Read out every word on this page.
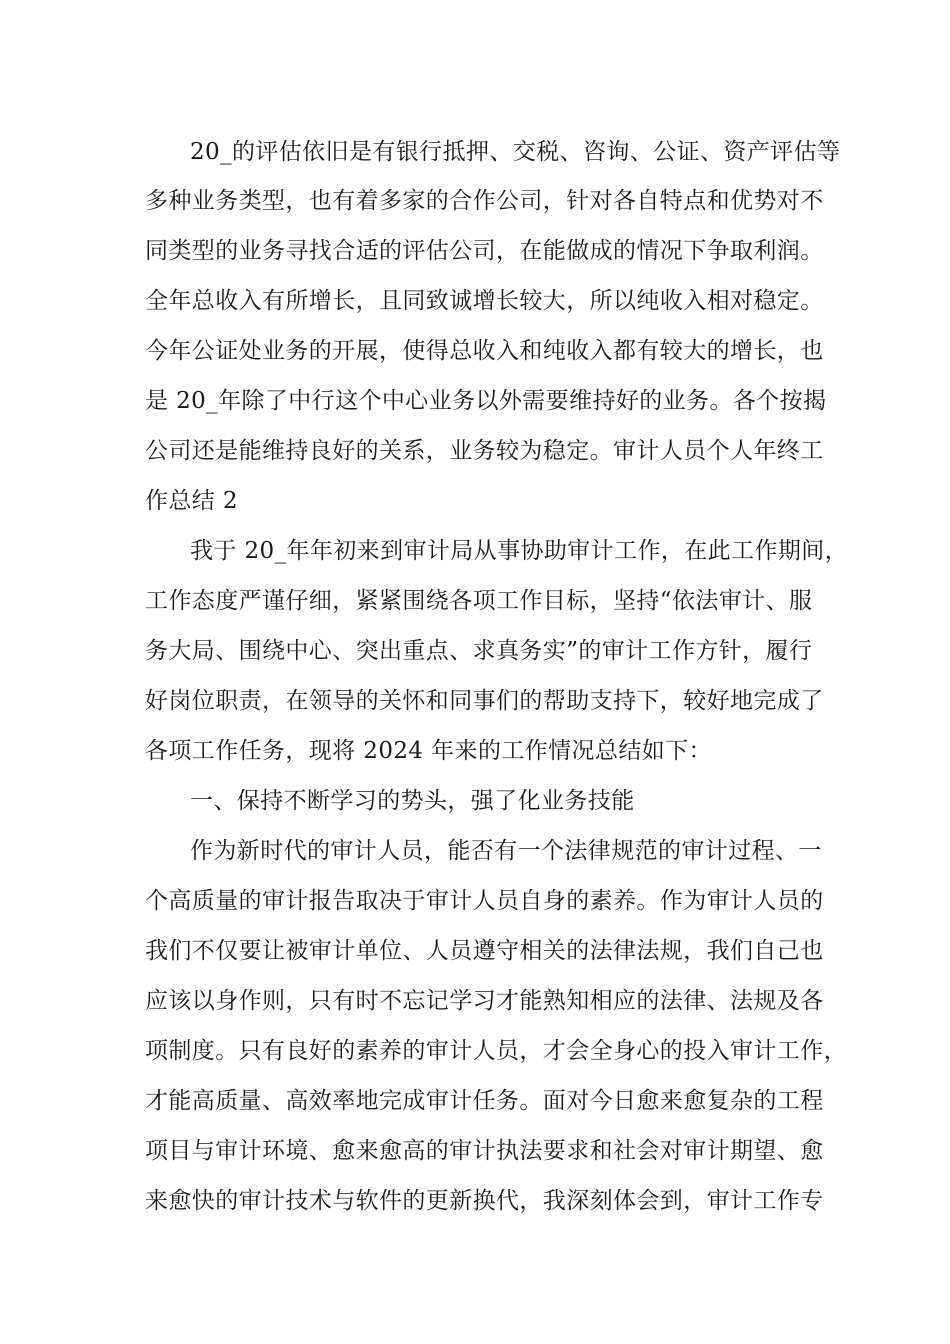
20_的评估依旧是有银行抵押、交税、咨询、公证、资产评估等
多种业务类型，也有着多家的合作公司，针对各自特点和优势对不
同类型的业务寻找合适的评估公司，在能做成的情况下争取利润。
全年总收入有所增长，且同致诚增长较大，所以纯收入相对稳定。
今年公证处业务的开展，使得总收入和纯收入都有较大的增长，也
是 20_年除了中行这个中心业务以外需要维持好的业务。各个按揭
公司还是能维持良好的关系，业务较为稳定。审计人员个人年终工
作总结 2
我于 20_年年初来到审计局从事协助审计工作，在此工作期间，
工作态度严谨仔细，紧紧围绕各项工作目标，坚持“依法审计、服
务大局、围绕中心、突出重点、求真务实”的审计工作方针，履行
好岗位职责，在领导的关怀和同事们的帮助支持下，较好地完成了
各项工作任务，现将 2024 年来的工作情况总结如下：
一、保持不断学习的势头，强了化业务技能
作为新时代的审计人员，能否有一个法律规范的审计过程、一
个高质量的审计报告取决于审计人员自身的素养。作为审计人员的
我们不仅要让被审计单位、人员遵守相关的法律法规，我们自己也
应该以身作则，只有时不忘记学习才能熟知相应的法律、法规及各
项制度。只有良好的素养的审计人员，才会全身心的投入审计工作，
才能高质量、高效率地完成审计任务。面对今日愈来愈复杂的工程
项目与审计环境、愈来愈高的审计执法要求和社会对审计期望、愈
来愈快的审计技术与软件的更新换代，我深刻体会到，审计工作专
